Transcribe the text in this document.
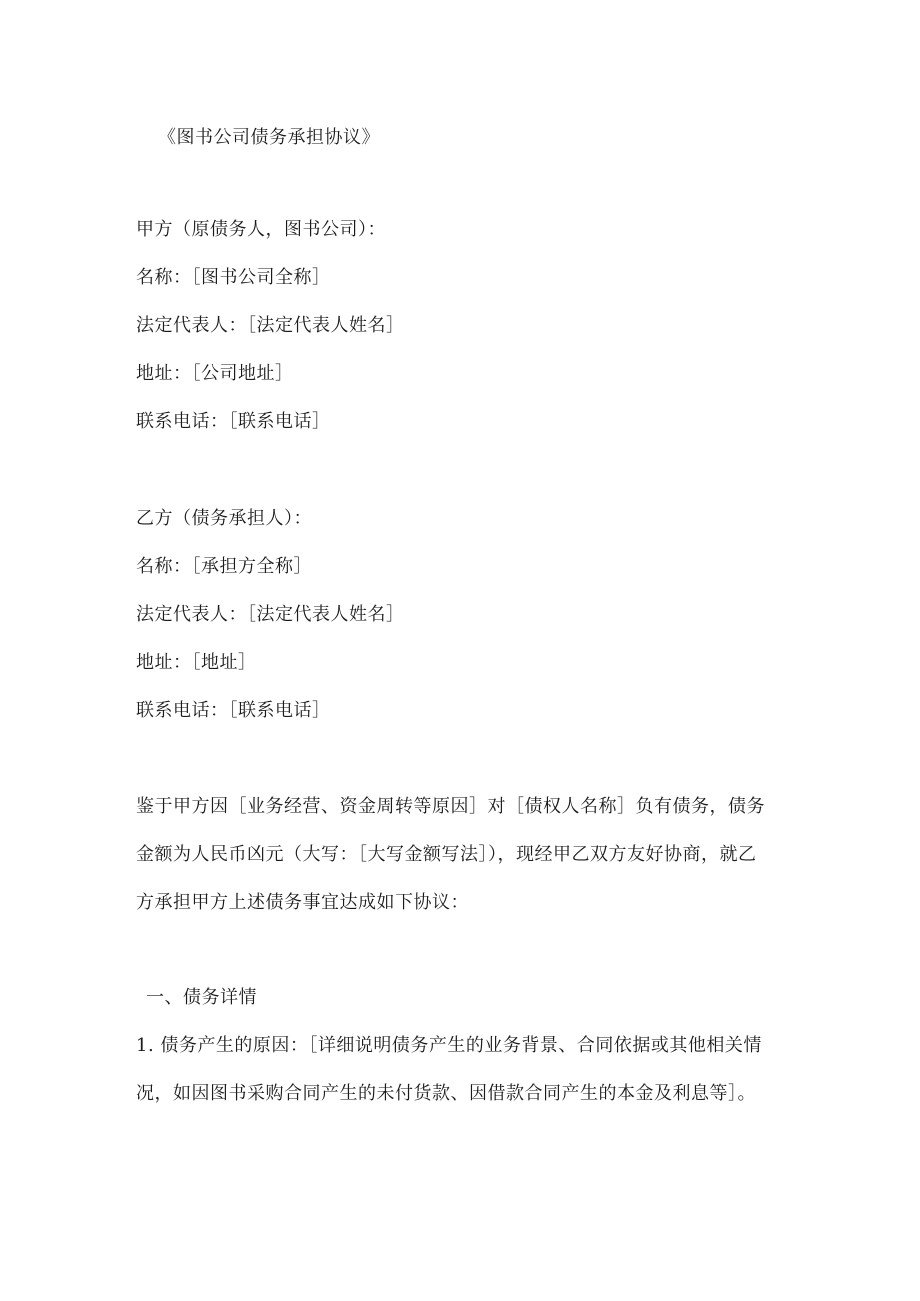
《图书公司债务承担协议》
甲方（原债务人，图书公司）：
名称：［图书公司全称］
法定代表人：［法定代表人姓名］
地址：［公司地址］
联系电话：［联系电话］
乙方（债务承担人）：
名称：［承担方全称］
法定代表人：［法定代表人姓名］
地址：［地址］
联系电话：［联系电话］
鉴于甲方因［业务经营、资金周转等原因］对［债权人名称］负有债务，债务
金额为人民币凶元（大写：［大写金额写法］），现经甲乙双方友好协商，就乙
方承担甲方上述债务事宜达成如下协议：
一、债务详情
1. 债务产生的原因：［详细说明债务产生的业务背景、合同依据或其他相关情
况，如因图书采购合同产生的未付货款、因借款合同产生的本金及利息等］。
